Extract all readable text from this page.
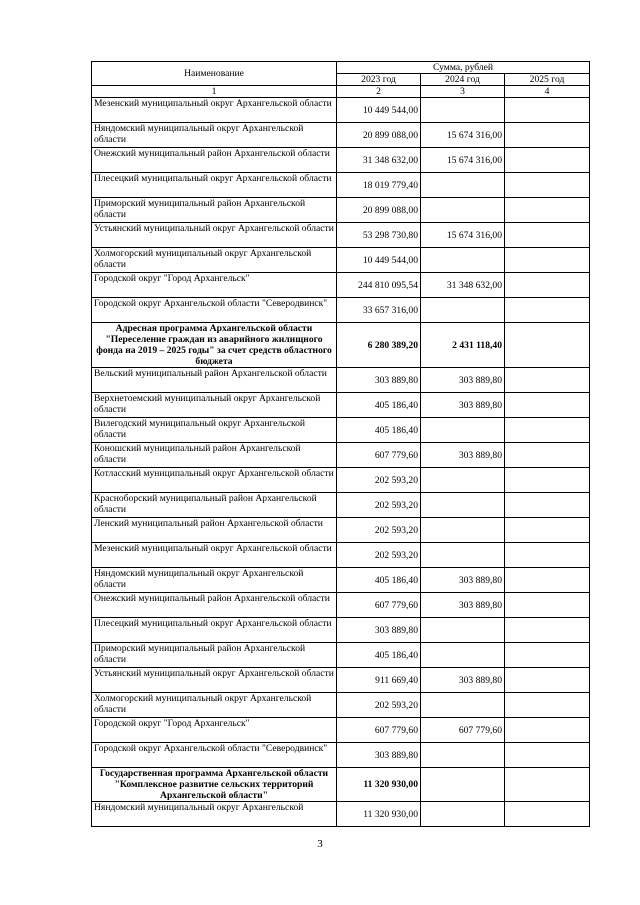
Наименование	Сумма, рублей		
	2023 год	2024 год	2025 год
1	2	3	4
Мезенский муниципальный округ Архангельской области	10 449 544,00		
Няндомский муниципальный округ Архангельской области	20 899 088,00	15 674 316,00	
Онежский муниципальный район Архангельской области	31 348 632,00	15 674 316,00	
Плесецкий муниципальный округ Архангельской области	18 019 779,40		
Приморский муниципальный район Архангельской области	20 899 088,00		
Устьянский муниципальный округ Архангельской области	53 298 730,80	15 674 316,00	
Холмогорский муниципальный округ Архангельской области	10 449 544,00		
Городской округ "Город Архангельск"	244 810 095,54	31 348 632,00	
Городской округ Архангельской области "Северодвинск"	33 657 316,00		
Адресная программа Архангельской области "Переселение граждан из аварийного жилищного фонда на 2019 – 2025 годы" за счет средств областного бюджета	6 280 389,20	2 431 118,40	
Вельский муниципальный район Архангельской области	303 889,80	303 889,80	
Верхнетоемский муниципальный округ Архангельской области	405 186,40	303 889,80	
Вилегодский муниципальный округ Архангельской области	405 186,40		
Коношский муниципальный район Архангельской области	607 779,60	303 889,80	
Котласский муниципальный округ Архангельской области	202 593,20		
Красноборский муниципальный район Архангельской области	202 593,20		
Ленский муниципальный район Архангельской области	202 593,20		
Мезенский муниципальный округ Архангельской области	202 593,20		
Няндомский муниципальный округ Архангельской области	405 186,40	303 889,80	
Онежский муниципальный район Архангельской области	607 779,60	303 889,80	
Плесецкий муниципальный округ Архангельской области	303 889,80		
Приморский муниципальный район Архангельской области	405 186,40		
Устьянский муниципальный округ Архангельской области	911 669,40	303 889,80	
Холмогорский муниципальный округ Архангельской области	202 593,20		
Городской округ "Город Архангельск"	607 779,60	607 779,60	
Городской округ Архангельской области "Северодвинск"	303 889,80		
Государственная программа Архангельской области "Комплексное развитие сельских территорий Архангельской области"	11 320 930,00		
Няндомский муниципальный округ Архангельской	11 320 930,00		
3
